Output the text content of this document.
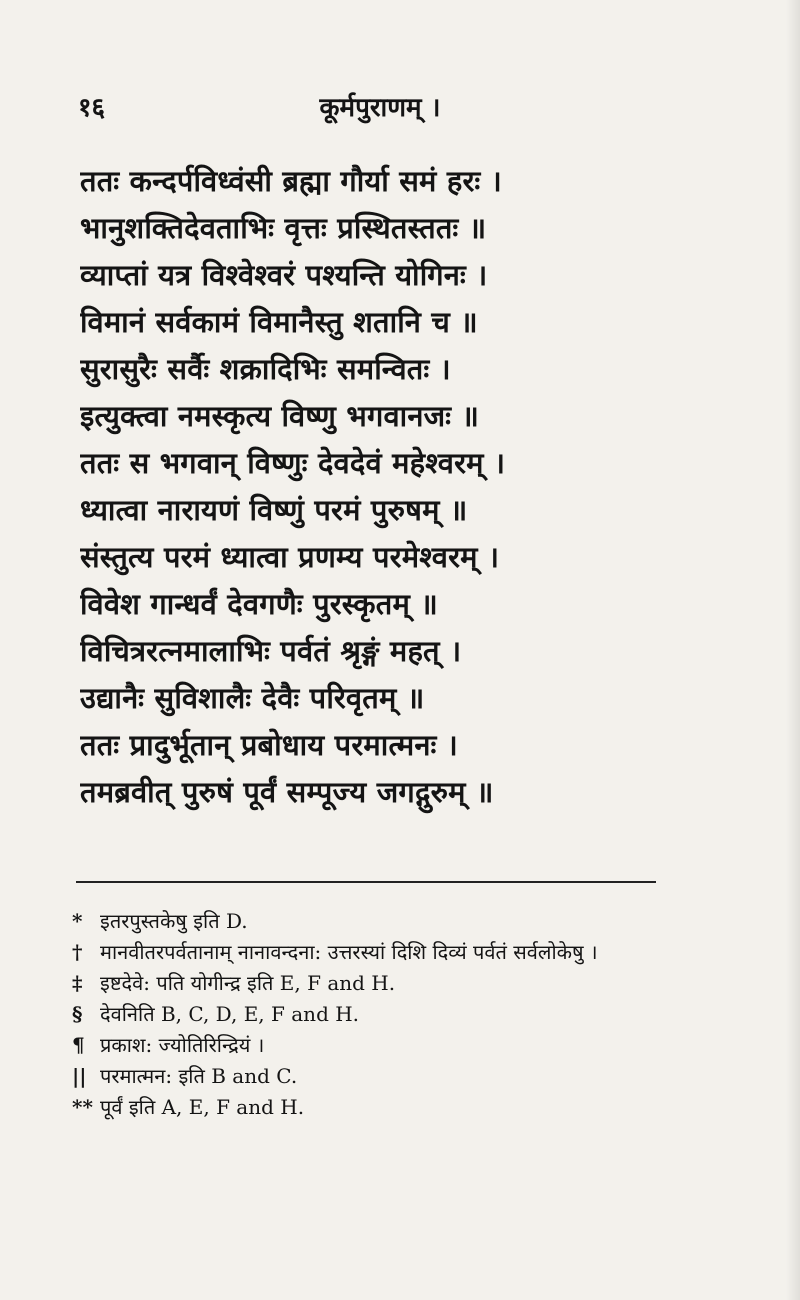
१६	कूर्मपुराणम् ।
ततः कन्दर्पविध्वंसी ब्रह्मा गौर्या समं हरः ।
भानुशक्तिदेवताभिः वृत्तः प्रस्थितस्ततः ॥
व्याप्तां यत्र विश्वेश्वरं पश्यन्ति योगिनः ।
विमानं सर्वकामं विमानैस्तु शतानि च ॥
सुरासुरैः सर्वैः शक्रादिभिः समन्वितः ।
इत्युक्त्वा नमस्कृत्य विष्णु भगवानजः ॥
ततः स भगवान् विष्णुः देवदेवं महेश्वरम् ।
ध्यात्वा नारायणं विष्णुं परमं पुरुषम् ॥
संस्तुत्य परमं ध्यात्वा प्रणम्य परमेश्वरम् ।
विवेश गान्धर्वं देवगणैः पुरस्कृतम् ॥
विचित्ररत्नमालाभिः पर्वतं श्रृङ्गं महत् ।
उद्यानैः सुविशालैः देवैः परिवृतम् ॥
ततः प्रादुर्भूतान् प्रबोधाय परमात्मनः ।
तमब्रवीत् पुरुषं पूर्वं सम्पूज्य जगद्गुरुम् ॥
* इतरपुस्तकेषु इति D.
† मानवीतरपर्वतानाम् नानावन्दना: उत्तरस्यां दिशि दिव्यं पर्वतं सर्वलोकेषु ।
‡ इष्टदेवे: पति योगीन्द्र इति E, F and H.
§ देवनिति B, C, D, E, F and H.
¶ प्रकाश: ज्योतिरिन्द्रियं ।
|| परमात्मन: इति B and C.
** पूर्वं इति A, E, F and H.
